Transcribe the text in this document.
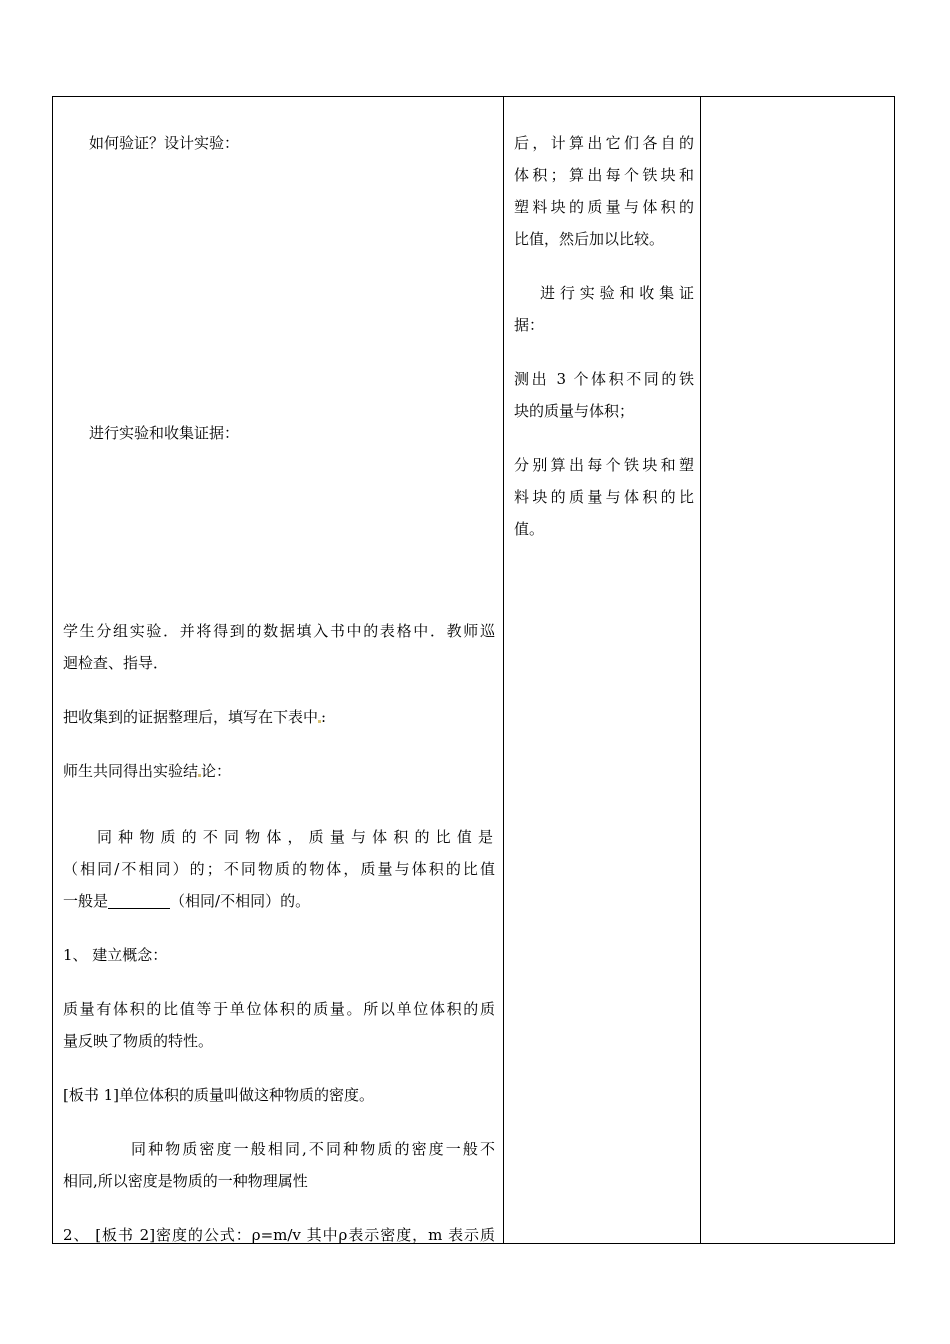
如何验证？设计实验：

进行实验和收集证据：

学生分组实验．并将得到的数据填入书中的表格中．教师巡

迴检查、指导．

把收集到的证据整理后，填写在下表中 :

师生共同得出实验结 论：

同种物质的不同物体，质量与体积的比值是

（相同/不相同）的；不同物质的物体，质量与体积的比值

一般是	（相同/不相同）的。

1、 建立概念：

质量有体积的比值等于单位体积的质量。所以单位体积的质

量反映了物质的特性。

[板书 1]单位体积的质量叫做这种物质的密度。

同种物质密度一般相同,不同种物质的密度一般不

相同,所以密度是物质的一种物理属性

2、 [板书 2]密度的公式：ρ=m/v 其中ρ表示密度，m 表示质

后，计算出它们各自的

体积；算出每个铁块和

塑料块的质量与体积的

比值，然后加以比较。

进行实验和收集证

据：

测出 3 个体积不同的铁

块的质量与体积；

分别算出每个铁块和塑

料块的质量与体积的比

值。
